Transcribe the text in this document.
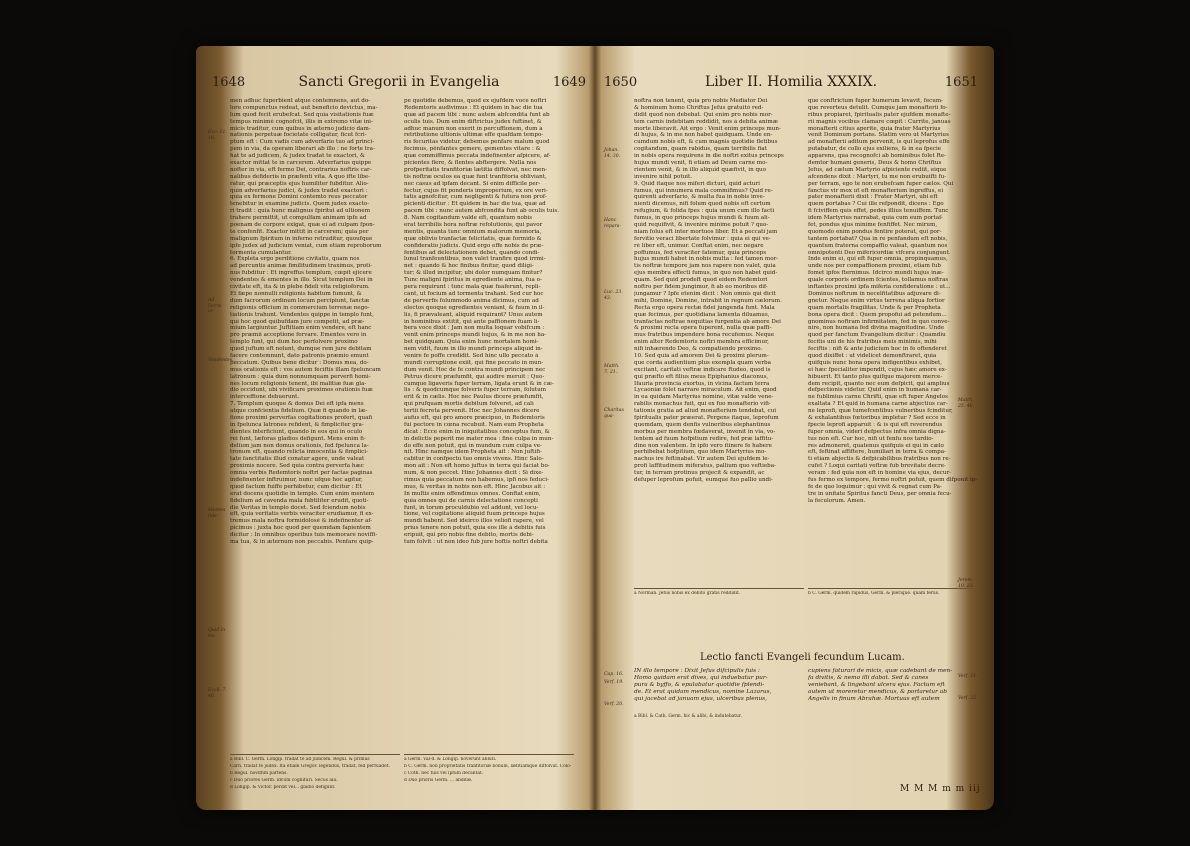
1648	Sancti Gregorii in Evangelia	1649
men adhuc fuperbient atque contemnens, aut do-
lore compunctus redeat, aut beneficio devictus, ma-
lum quod fecit erubefcat. Sed quia visitationis fuæ
tempus minimè cognofcit, illis in extremo vitæ ini-
micis traditur, cum quibus in æterno judicio dam-
nationis perpetuæ focietate colligatur, ficut fcri-
ptum eft : Cum vadis cum adverfario tuo ad princi-
pem in via, da operam liberari ab illo : ne forte tra-
hat te ad judicem, & judex tradat te exactori, &
exactor mittat te in carcerem. Adverfarius quippe
nofter in via, eft fermo Dei, contrarius noftris car-
nalibus defideriis in præfenti vita. A quo ifte libe-
ratur, qui præceptis ejus humiliter fubditur. Alio-
quin adverfarius judici, & judex tradet exactori :
quia ex fermone Domini contemto reus peccator
tenebitur in examine judicis. Quem judex exacto-
ri tradit : quia hunc malignus fpiritui ad ultionem
trahere permittit, ut compulfam animam ipfe ad
poenam de corpore exigat, quæ ei ad culpam fpon-
te confenfit. Exactor mittit in carcerem; quia per
malignum fpiritum in inferno retruditur, quoufque
ipfe judex ad judicium veniat, cum etiam reproborum
tormenta cumulantur.
6. Expleta ergo perditione civitatis, quam nos
ad percuntis animæ fimilitudinem traximus, proti-
nus fubditur : Et ingreffus templum, cœpit ejicere
vendentes & ementes in illo. Sicut templum Dei in
civitate eft, ita & in plebe fideli vita religioforum.
Et fæpe nonnulli religionis habitum fumunt, &
dum facrorum ordinum locum percipiunt, fanctæ
religionis officium in commercium terrenæ nego-
tiationis trahunt. Vendentes quippe in templo funt,
qui hoc quod quibufdam jure competit, ad præ-
mium largiuntur. Juftitiam enim vendere, eft hanc
pro præmii acceptione fervare. Ementes vero in
templo funt, qui dum hoc perfolvere proximo
quod juftum eft nolunt, dumque rem jure debitam
facere contemnunt, dato patronis præmio emunt
peccatum. Quibus bene dicitur : Domus mea, do-
mus orationis eft : vos autem feciftis illam fpeluncam
latronum : quia dum nonnumquam perverfi homi-
nes locum religionis tenent, ibi malitiæ fuæ gla-
dio occidunt, ubi vivificare proximos orationis fuæ
interceffione debuerunt.
7. Templum quoque & domus Dei eft ipfa mens
atque confcientia fidelium. Quæ fi quando in læ-
fione proximi perverfas cogitationes profert, quafi
in fpelunca latrones refident, & fimpliciter gra-
dientes interficiunt, quando in eos qui in oculo
rei funt, læforas gladios defigunt. Mens enim fi-
delium jam non domus orationis, fed fpelunca la-
tronum eft, quando relicta innocentia & fimplici-
tate fanctitatis illud conatur agere, unde valeat
proximis nocere. Sed quia contra perverfa hæc
omnia verbis Redemtoris noftri per factas paginas
indefinenter inftruimur, nunc ufque hoc agitur,
quod factum fuiffe perhibetur, cum dicitur : Et
erat docens quotidie in templo. Cum enim mentem
fidelium ad cavenda mala fubtiliter erudit, quoti-
die Veritas in templo docet. Sed fciendum nobis
eft, quia veritatis verbis veraciter erudiamur, fi ex-
tremus mala noftra formidolosè & indefinenter af-
picimus : juxta hoc quod per quemdam fapientem
dicitur : In omnibus operibus tuis memorare noviffi-
ma tua, & in æternum non peccabis. Penfare quip-
pe quotidie debemus, quod ex ejufdem voce noftri
Redemtoris audivimus : Et quidem in hac die tua
quæ ad pacem tibi : nunc autem abfcondita funt ab
oculis tuis. Dum enim diftrictus judex fuftinet, &
adhuc manum non exerit in percuffionem, dum à
retributione ultionis ultimæ effe quafdam tempo-
ris fecuritas videtur, debemus penfare malum quod
fecimus, pénfantes gemere, gementes vitare : &
quæ commiffimus peccata indefinenter afpicere, af-
picientes flere, & flentes abftergere. Nulla nos
profperitatis tranfitoriæ lætitia diffolvat, nec men-
tis noftræ oculos ea quæ funt tranfitoria obliviant,
nec casus ad ipfam decant. Si enim difficile per-
fectur, cujus fit ponderis improperium, ex ore veri-
tatis agnofcitur, cum negligenti & futura non prof-
picienti dicitur : Et quidem in hac die tua, quæ ad
pacem tibi : nunc autem abfcondita funt ab oculis tuis.
8. Nam cogitandum valde eft, quantum nobis
erat terribilis hora noftræ refolutionis, qui pavor
mentis, quanta tunc omnium malorum memoria,
quæ oblivio tranfactæ felicitatis, quæ formido &
confideratio judicis. Quid ergo effe nobis de præ-
fentibus ad delectationem debet, quando condi-
lunul tranfeuntibus, non valet tranfire quod irrmi-
net : quando & hoc finibus finitur, quod diligi-
tur; & illud incipitur, ubi dolor numquam finitur?
Tunc maligni fpiritus in egrediente anima, fua o-
pera requirunt : tunc mala quæ fuaferunt, repli-
cant, ut focium ad tormenta trahant. Sed cur hoc
de perverfis folummodo anima dicimus, cum ad
electos quoque egredientes veniant, & fuum in il-
lis, fi prævaleant, aliquid requirant? Unus autem
in hominibus extitit, qui ante paffionem fuam li-
bera voce dixit : Jam non multa loquar vobifcum :
venit enim princeps mundi hujus, & in me non ha-
bet quidquam. Quia enim hunc mortalem homi-
nem vidit, fuum in illo mundi princeps aliquid in-
venire fe poffe credidit. Sed hinc ullo peccato à
mundi corruptione exiit, qui fine peccato in mun-
dum venit. Hoc de fe contra mundi principem nec
Petrus dicere præfumfit, qui audire meruit : Quo-
cumque ligaveris fuper terram, ligata erunt & in cæ-
lis : & quodcumque folveris fuper terram, folutum
erit & in cælis. Hoc nec Paulus dicere præfumfit,
qui prufquam mortis debitum folveret, ad cali
tertii fecreta pervenit. Hoc nec Johannes dicere
aufus eft, qui pro amore præcipuo, in Redemtoris
fui pectore in cœna recubuit. Nam eum Propheta
dicat : Ecce enim in iniquitatibus conceptus fum, &
in delictis peperit me mater mea : fine culpa in mun-
do effe non potuit, qui in mundum cum culpa ve-
nit. Hinc namque idem Propheta ait : Non juftifi-
cabitur in confpectu tuo omnis vivens. Hinc Salo-
mon ait : Non eft homo juftus in terra qui faciat bo-
num, & non peccet. Hinc Johannes dicit : Si dixe-
rimus quia peccatum non habemus, ipfi nos feduci-
mus, & veritas in nobis non eft. Hinc Jacobus ait :
In multis enim offendimus omnes. Conftat enim,
quia omnes qui de carnis delectatione concepti
funt, in torum proculdubio vel addunt, vel locu-
tione, vel cogitatione aliquid fuum princeps hujus
mundi habent. Sed ideirco illos veliofi rapere, vel
prius tenere non potuit, quia eos ille à debitis fuis
eripuit, qui pro nobis fine debito, mortis debi-
tum folvit : ut non ideo fub jure hoftis noftri debita
Exo. 11. 18.
Ad facris or-
Vendentes.
Mentes fide-
Quid in his
Eccli. 7. 40.
a Bibl. C. Germ. Longip. tradat te ad judicem. Regul. & primus
Carn. tradat te judex. Ita etiam Gregor. legendus, tradat, fed perfuadet.
b Regul. noviffim partens.
c Duo priores Germ. idcum cognituri. Secus alii.
d Longip. & Victor. perdit vel... gladio defigunt.
a Germ. Val-d. & Longip. noverunt abluti.
b C. Germ. non proprietatis tranfitoriæ bonum, lætitiamque diffolvat. Colo-
c Coth. nec tuis vel ipfum decantat.
d Duo prioris Germ. ... abditæ.
1650	Liber II. Homilia XXXIX.	1651
noftra non tenent, quia pro nobis Mediator Dei
& hominum homo Chriftus Jefus gratuitò red-
didit quod non debebat. Qui enim pro nobis mor-
tem carnis indebitam reddidit, nos à debita animæ
morte liberavit. Ait ergo : Venit enim princeps mun-
di hujus, & in me non habet quidquam. Unde en-
cumdum nobis eft, & cum magnis quotidie fletibus
cogitandum, quam rabidus, quam terribilis fiat
in nobis opera requirens in die noftri exitus princeps
hujus mundi venit, fi etiam ad Deum carne mo-
rientem venit, & in illo aliquid quæfivit, in quo
invenire nihil potuit.
9. Quid itaque nos miferi dicturi, quid acturi
fumus, qui innumera mala commifimus? Quid re-
quirenti adverfario, & multa fua in nobis inve-
nienti dicemus, nifi folum quod nobis eft certum
refugium, & folida fpes : quia unum cum illo facti
fumus, in quo princeps hujus mundi & fuum ali-
quid requifivit, & invenire minime potuit ? quo-
niam folus eft inter mortuos liber. Et à peccati jam
fervitio veraci libertate folvimur : quia ei qui ve-
rè liber eft, unimur. Conftat enim, nec negare
poffumus, fed veraciter fatemur, quia princeps
hujus mundi habet in nobis multa : fed tamen mor-
tis noftræ tempore jam nos rapere non valet, quia
ejus membra effecti fumus, in quo non habet quid-
quam. Sed quid prodeft quod eidem Redemtori
noftro per fidem jungimur, fi ab eo moribus dif-
jungamur ? Ipfe etenim dicit : Non omnis qui dicit
mihi, Domine, Domine, intrabit in regnum cælorum.
Recta ergo opera rectæ fidei jungenda funt. Mala
quæ fecimus, per quotidiana lamenta diluamus,
tranfactas noftrae nequitias furgentia ab amore Dei
& proximi recta opera fuperent, nulla quæ paffi-
mus fratribus impendere bona recufemus. Neque
enim alter Redemtoris noftri membra efficimur,
nifi inhærendo Deo, & compatiendo proximo.
10. Sed quia ad amorem Dei & proximi plerum-
que corda audientium plus exempla quam verba
excitant, caritati veftræ indicare ftudeo, quod is
qui præfto eft filius meus Epiphanius diaconus,
Ifauria provincia exortus, in vicina factum terra
Lycaoniæ folet narrare miraculum. Ait enim, quod
in ea quidam Martyrius nomine, vitæ valde vene-
rabilis monachus fuit, qui ex fuo monafterio vifi-
tationis gratia ad aliud monafterium tendebat, cui
fpiritualis pater præerat. Pergens itaque, leprofum
quemdam, quem denfis vulneribus elephantinus
morbus per membra fœdaverat, invenit in via, vo-
lentem ad fuum hofpitium redire, fed præ laffitu-
dine non valentem. In ipfo vero itinere fe habere
perhibebat hofpitium, quo idem Martyrius mo-
nachus ire feftinabat. Vir autem Dei ejufdem le-
profi laffitudinem miferatus, pallium quo veftieba-
tur, in terram protinus projecit & expandit, ac
defuper leprofum pofuit, eumque fuo pallio undi-
que conftrictum fuper humerum levavit, fecum-
que reverteus detulit. Cumque jam monafterii fo-
ribus propiaret, fpiritualis pater ejufdem monafte-
rii magnis vocibus clamare cœpit : Currite, januas
monafterii citius aperite, quia frater Martyrius
venit Dominum portans. Statim vero ut Martyrius
ad monafterii aditum pervenit, is qui leprofus effe
putabatur, de collo ejus exiliens, & in ea fpecie
apparens, qua recognofci ab hominibus folet Re-
demtor humani generis, Deus & homo Chriftus
Jefus, ad cælum Martyrio afpiciente rediit, eique
afcendens dixit : Martyri, tu me non erubuifti fu-
per terram, ego te non erubefcam fuper cælos. Qui
fanctus vir mox ut eft monafterium ingreffus, ei
pater monafterii dixit : Frater Martyri, ubi eft
quem portabas ? Cui ille refpondit, dicens : Ego
fi fciviffem quis effet, pedes illius tenuiffem. Tunc
idem Martyrius narrabat, quia cum eum portaf-
fet, pondus ejus minime fenfiffet. Nec mirum,
quomodo enim pondus fentire poterat, qui por-
tantem portabat? Qua in re penfandum eft nobis,
quantum fraterna compaffio valeat, quantum nos
omnipotenti Deo mifericordiæ vifcera conjungunt.
Inde enim ei, qui eft fuper omnia, propinquamus,
unde nos per compaffionem proximi, etiam fub
fomet ipfos fternimus. Idcirco mundi hujus inæ-
quale corporis ordinem fcientes, tollamus noftras
inftantes proximi ipfa miferia confideratione : ut...
Dominus noftrum in necelfitatibus adjuvare di-
gnetur. Neque enim virtus terrena aliqua fortior
quam mortalis fragilitas. Unde & per Propheta
bona opera dicit : Quem propofui ad petendum...
gnominus noftram infirmitatem, fed in quo conve-
nire, non humana fed divina magnitudine. Unde
quod per fanctum Evangelium dicitur : Quamdiu
fecitis uni de his fratribus meis minimis, mihi
feciftis : nifi & ante judicium hoc in fe oftenderet
quod dixiffet : ut videlicet demonftraret, quia
quifquis nunc bona opera indigentibus exhibet,
ei hæc fpecialiter impendit, cujus hæc amore ex-
hibuerit. Et tanto plus quifque majorem merce-
dem recipit, quanto nec eum defpicit, qui amplius
defpectionis videtur. Quid enim in humana car-
ne fublimius carne Chrifti, quæ eft fuper Angelos
exaltata ? Et quid in humana carne abjectius car-
ne leprofi, quæ tumefcentibus vulneribus fcinditur,
& exhalantibus fœtoribus impletur ? Sed ecce in
fpecie leprofi apparuit : & is qui eft reverendus
fuper omnia, videri defpectus infra omnia digna-
tus non eft. Cur hoc, nifi ut fenfu nos tardio-
res admoneret, quatenus quifquis ei qui in cælo
eft, feftinat affiftere, humiliari in terra & compa-
ti etiam abjectis & defpicabilibus fratribus non re-
cufet ? Loqui caritati veftræ fub brevitate decre-
veram : fed quia non eft in homine via ejus, decur-
fus fermo ex tempore, fermo noftri pofuit, quem difponit ip-
fe de quo loquimur : qui vivit & regnat cum Pa-
tre in unitate Spiritus fancti Deus, per omnia fecu-
la feculorum. Amen.
Johan. 14. 30.
Hanc repara-
Luc. 23. 43.
Matth. 7. 21.
Charitas qua-
Matth. 25. 40.
Jerem. 10. 23.
a Norman. Jefus nobis ex debito gratis reddidit.	b C. Germ. quidem rapidus, Germ. & plerique. quam ferus.
Lectio fancti Evangeli fecundum Lucam.
IN illo tempore : Dixit Jefus difcipulis fuis :
Homo quidam erat dives, qui induebatur pur-
pura & byffo, & epulabatur quotidie fplendi-
de. Et erat quidam mendicus, nomine Lazarus,
qui jacebat ad januam ejus, ulceribus plenus,
cupiens faturari de micis, quæ cadebant de men-
fa divitis, & nemo illi dabat. Sed & canes
veniebant, & lingebant ulcera ejus. Factum eft
autem ut moreretur mendicus, & portaretur ab
Angelis in finum Abrahæ. Mortuus eft autem
Cap. 16.
Verf. 19.
Verf. 20.
Verf. 21.
Verf. 22.
a Bibl. & Cath. Germ. hic & alibi, & indutebatur.
M M M m m iij
